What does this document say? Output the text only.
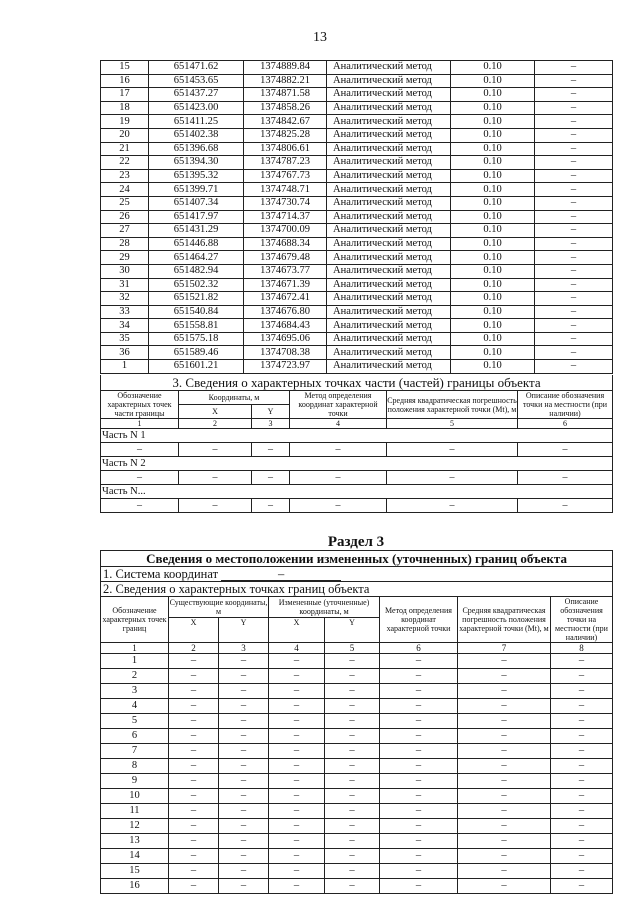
13
15	651471.62	1374889.84	Аналитический метод	0.10	–
16	651453.65	1374882.21	Аналитический метод	0.10	–
17	651437.27	1374871.58	Аналитический метод	0.10	–
18	651423.00	1374858.26	Аналитический метод	0.10	–
19	651411.25	1374842.67	Аналитический метод	0.10	–
20	651402.38	1374825.28	Аналитический метод	0.10	–
21	651396.68	1374806.61	Аналитический метод	0.10	–
22	651394.30	1374787.23	Аналитический метод	0.10	–
23	651395.32	1374767.73	Аналитический метод	0.10	–
24	651399.71	1374748.71	Аналитический метод	0.10	–
25	651407.34	1374730.74	Аналитический метод	0.10	–
26	651417.97	1374714.37	Аналитический метод	0.10	–
27	651431.29	1374700.09	Аналитический метод	0.10	–
28	651446.88	1374688.34	Аналитический метод	0.10	–
29	651464.27	1374679.48	Аналитический метод	0.10	–
30	651482.94	1374673.77	Аналитический метод	0.10	–
31	651502.32	1374671.39	Аналитический метод	0.10	–
32	651521.82	1374672.41	Аналитический метод	0.10	–
33	651540.84	1374676.80	Аналитический метод	0.10	–
34	651558.81	1374684.43	Аналитический метод	0.10	–
35	651575.18	1374695.06	Аналитический метод	0.10	–
36	651589.46	1374708.38	Аналитический метод	0.10	–
1	651601.21	1374723.97	Аналитический метод	0.10	–
3. Сведения о характерных точках части (частей) границы объекта					
Обозначение характерных точек части границы	Координаты, м		Метод определения координат характерной точки	Средняя квадратическая погрешность положения характерной точки (Mt), м	Описание обозначения точки на местности (при наличии)
	X	Y			
1	2	3	4	5	6
Часть N 1					
–	–	–	–	–	–
Часть N 2					
–	–	–	–	–	–
Часть N...					
–	–	–	–	–	–
Раздел 3
Сведения о местоположении измененных (уточненных) границ объекта							
1. Система координат –							
2. Сведения о характерных точках границ объекта							
Обозначение характерных точек границ	Существующие координаты, м		Измененные (уточненные) координаты, м		Метод определения координат характерной точки	Средняя квадратическая погрешность положения характерной точки (Mt), м	Описание обозначения точки на местности (при наличии)
	X	Y	X	Y			
1	2	3	4	5	6	7	8
1	–	–	–	–	–	–	–
2	–	–	–	–	–	–	–
3	–	–	–	–	–	–	–
4	–	–	–	–	–	–	–
5	–	–	–	–	–	–	–
6	–	–	–	–	–	–	–
7	–	–	–	–	–	–	–
8	–	–	–	–	–	–	–
9	–	–	–	–	–	–	–
10	–	–	–	–	–	–	–
11	–	–	–	–	–	–	–
12	–	–	–	–	–	–	–
13	–	–	–	–	–	–	–
14	–	–	–	–	–	–	–
15	–	–	–	–	–	–	–
16	–	–	–	–	–	–	–
